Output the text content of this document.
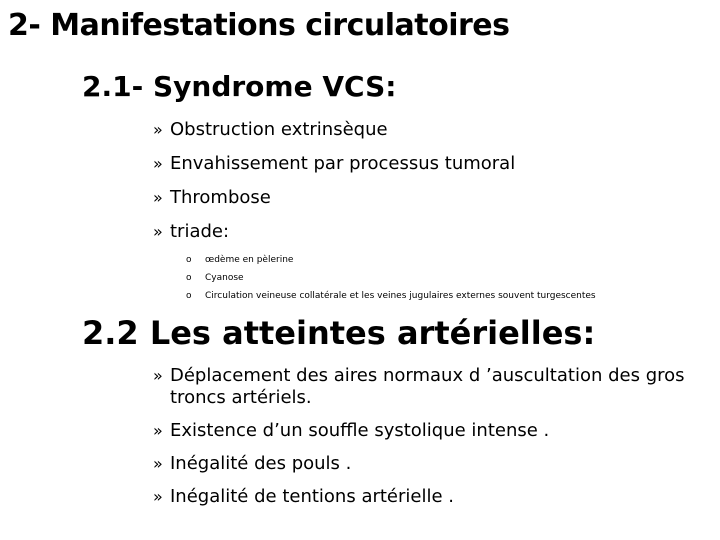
2- Manifestations circulatoires
2.1- Syndrome VCS:
» Obstruction extrinsèque
» Envahissement par processus tumoral
» Thrombose
» triade:
o	œdème en pèlerine
o	Cyanose
o	Circulation veineuse collatérale et les veines jugulaires externes souvent turgescentes
2.2 Les atteintes artérielles:
» Déplacement des aires normaux d ’auscultation des gros troncs artériels.
» Existence d’un souffle systolique intense .
» Inégalité des pouls .
» Inégalité de tentions artérielle .
